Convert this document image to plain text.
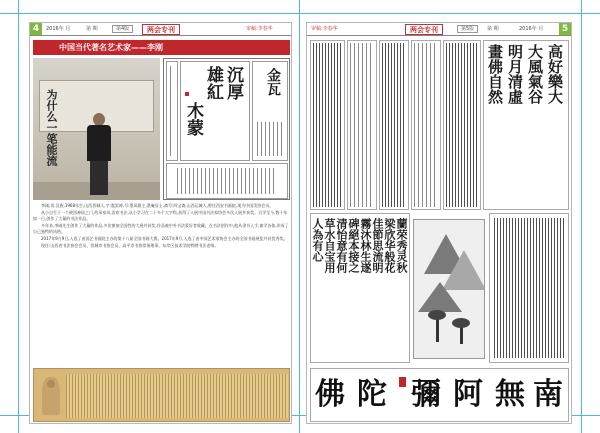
4	2016年 月	第 期	第4版	两会专刊	审稿:李春华
中国当代著名艺术家——李刚
为什么一笔能流
沉厚
雄紅
木蒙
金瓦

李刚,男,汉族,1968年生,山西晋城人,字:震雷神,号:墨风殿主,墨庵居士,斋号:四宝斋,山西运城人,曾任西安书画院,现为中国美协会员。

从小自生于一个陕西神仙之门,幼承家风,喜欢书法,从小学习在二十多个大字科,获得了入展中国书法家协会多次入展并获奖。自学至今,数十年如一日,创作了大量的书法作品。

多年来,李刚先生创作了大量的作品,多次参加全国性的大展并获奖,作品被中外书法爱好者收藏。在书法创作中,他从隶书入手,兼学各体,形成了自己独特的风格。

2017年9月9日,入选了由国艺书画院主办的第十八届全国书画大赛。2017年9月,入选了由中国艺术家协会主办的全国书画展览并获优秀奖。

现任:山西省书法协会会员、晋城市书协会员、高平市书协常务理事、东岸区技术学院特聘书法老师。

审稿:李春华	两会专刊	第5版	第 期	2016年 月	5
高好樂大
大風氣谷
明月清虛
畫佛自然
蘭荣秀灵秋
梁欣华般花
佳節思流明
霧沐林生遂
碑絕本接之
清怡意有何
草水自宝用
人為有心
佛 陀 彌 阿 無 南
